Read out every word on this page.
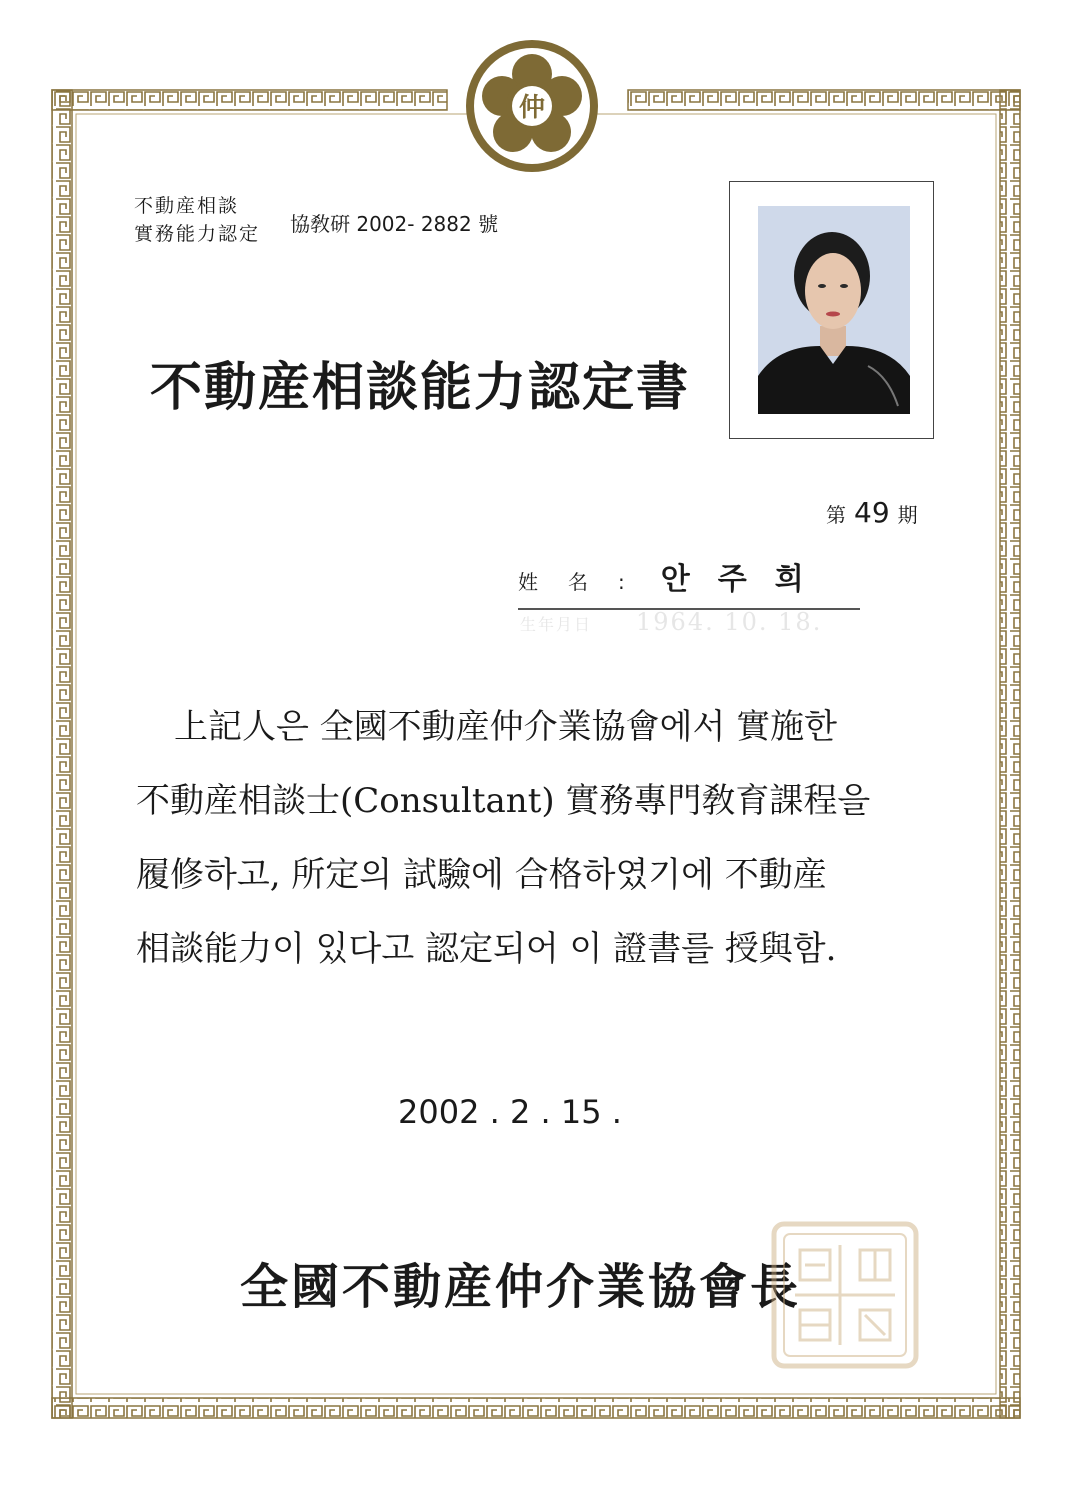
仲
不動産相談
實務能力認定 協敎硏 2002- 2882 號
不動産相談能力認定書
第 49 期
姓名: 안주희
生年月日 1964. 10. 18.
上記人은 全國不動産仲介業協會에서 實施한
不動産相談士(Consultant) 實務專門敎育課程을
履修하고, 所定의 試驗에 合格하였기에 不動産
相談能力이 있다고 認定되어 이 證書를 授與함.
2002 . 2 . 15 .
全國不動産仲介業協會長
